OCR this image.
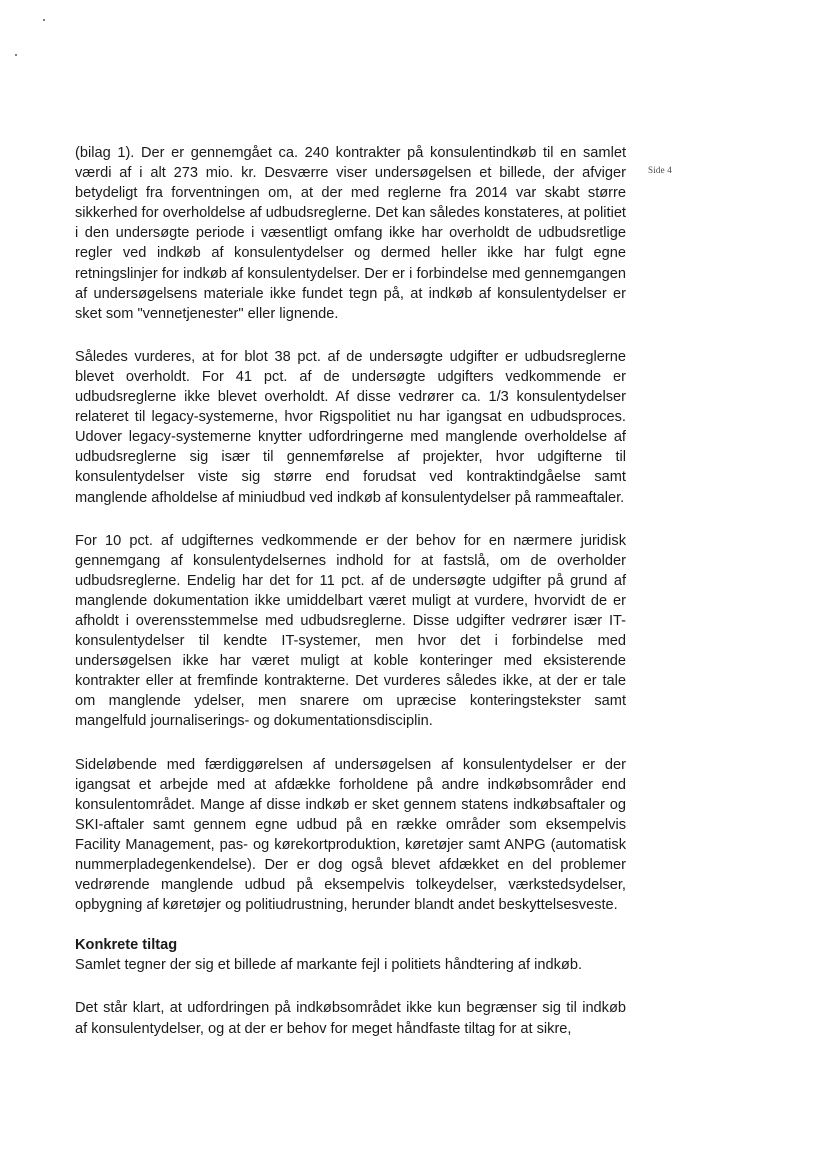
Side 4

(bilag 1). Der er gennemgået ca. 240 kontrakter på konsulentindkøb til en samlet værdi af i alt 273 mio. kr. Desværre viser undersøgelsen et billede, der afviger betydeligt fra forventningen om, at der med reglerne fra 2014 var skabt større sikkerhed for overholdelse af udbudsreglerne. Det kan således konstateres, at politiet i den undersøgte periode i væsentligt omfang ikke har overholdt de udbudsretlige regler ved indkøb af konsulentydelser og dermed heller ikke har fulgt egne retningslinjer for indkøb af konsulentydelser. Der er i forbindelse med gennemgangen af undersøgelsens materiale ikke fundet tegn på, at indkøb af konsulentydelser er sket som "vennetjenester" eller lignende.

Således vurderes, at for blot 38 pct. af de undersøgte udgifter er udbudsreglerne blevet overholdt. For 41 pct. af de undersøgte udgifters vedkommende er udbudsreglerne ikke blevet overholdt. Af disse vedrører ca. 1/3 konsulentydelser relateret til legacy-systemerne, hvor Rigspolitiet nu har igangsat en udbudsproces. Udover legacy-systemerne knytter udfordringerne med manglende overholdelse af udbudsreglerne sig især til gennemførelse af projekter, hvor udgifterne til konsulentydelser viste sig større end forudsat ved kontraktindgåelse samt manglende afholdelse af miniudbud ved indkøb af konsulentydelser på rammeaftaler.

For 10 pct. af udgifternes vedkommende er der behov for en nærmere juridisk gennemgang af konsulentydelsernes indhold for at fastslå, om de overholder udbudsreglerne. Endelig har det for 11 pct. af de undersøgte udgifter på grund af manglende dokumentation ikke umiddelbart været muligt at vurdere, hvorvidt de er afholdt i overensstemmelse med udbudsreglerne. Disse udgifter vedrører især IT-konsulentydelser til kendte IT-systemer, men hvor det i forbindelse med undersøgelsen ikke har været muligt at koble konteringer med eksisterende kontrakter eller at fremfinde kontrakterne. Det vurderes således ikke, at der er tale om manglende ydelser, men snarere om upræcise konteringstekster samt mangelfuld journaliserings- og dokumentationsdisciplin.

Sideløbende med færdiggørelsen af undersøgelsen af konsulentydelser er der igangsat et arbejde med at afdække forholdene på andre indkøbsområder end konsulentområdet. Mange af disse indkøb er sket gennem statens indkøbsaftaler og SKI-aftaler samt gennem egne udbud på en række områder som eksempelvis Facility Management, pas- og kørekortproduktion, køretøjer samt ANPG (automatisk nummerpladegenkendelse). Der er dog også blevet afdækket en del problemer vedrørende manglende udbud på eksempelvis tolkeydelser, værkstedsydelser, opbygning af køretøjer og politiudrustning, herunder blandt andet beskyttelsesveste.

Konkrete tiltag

Samlet tegner der sig et billede af markante fejl i politiets håndtering af indkøb.

Det står klart, at udfordringen på indkøbsområdet ikke kun begrænser sig til indkøb af konsulentydelser, og at der er behov for meget håndfaste tiltag for at sikre,
